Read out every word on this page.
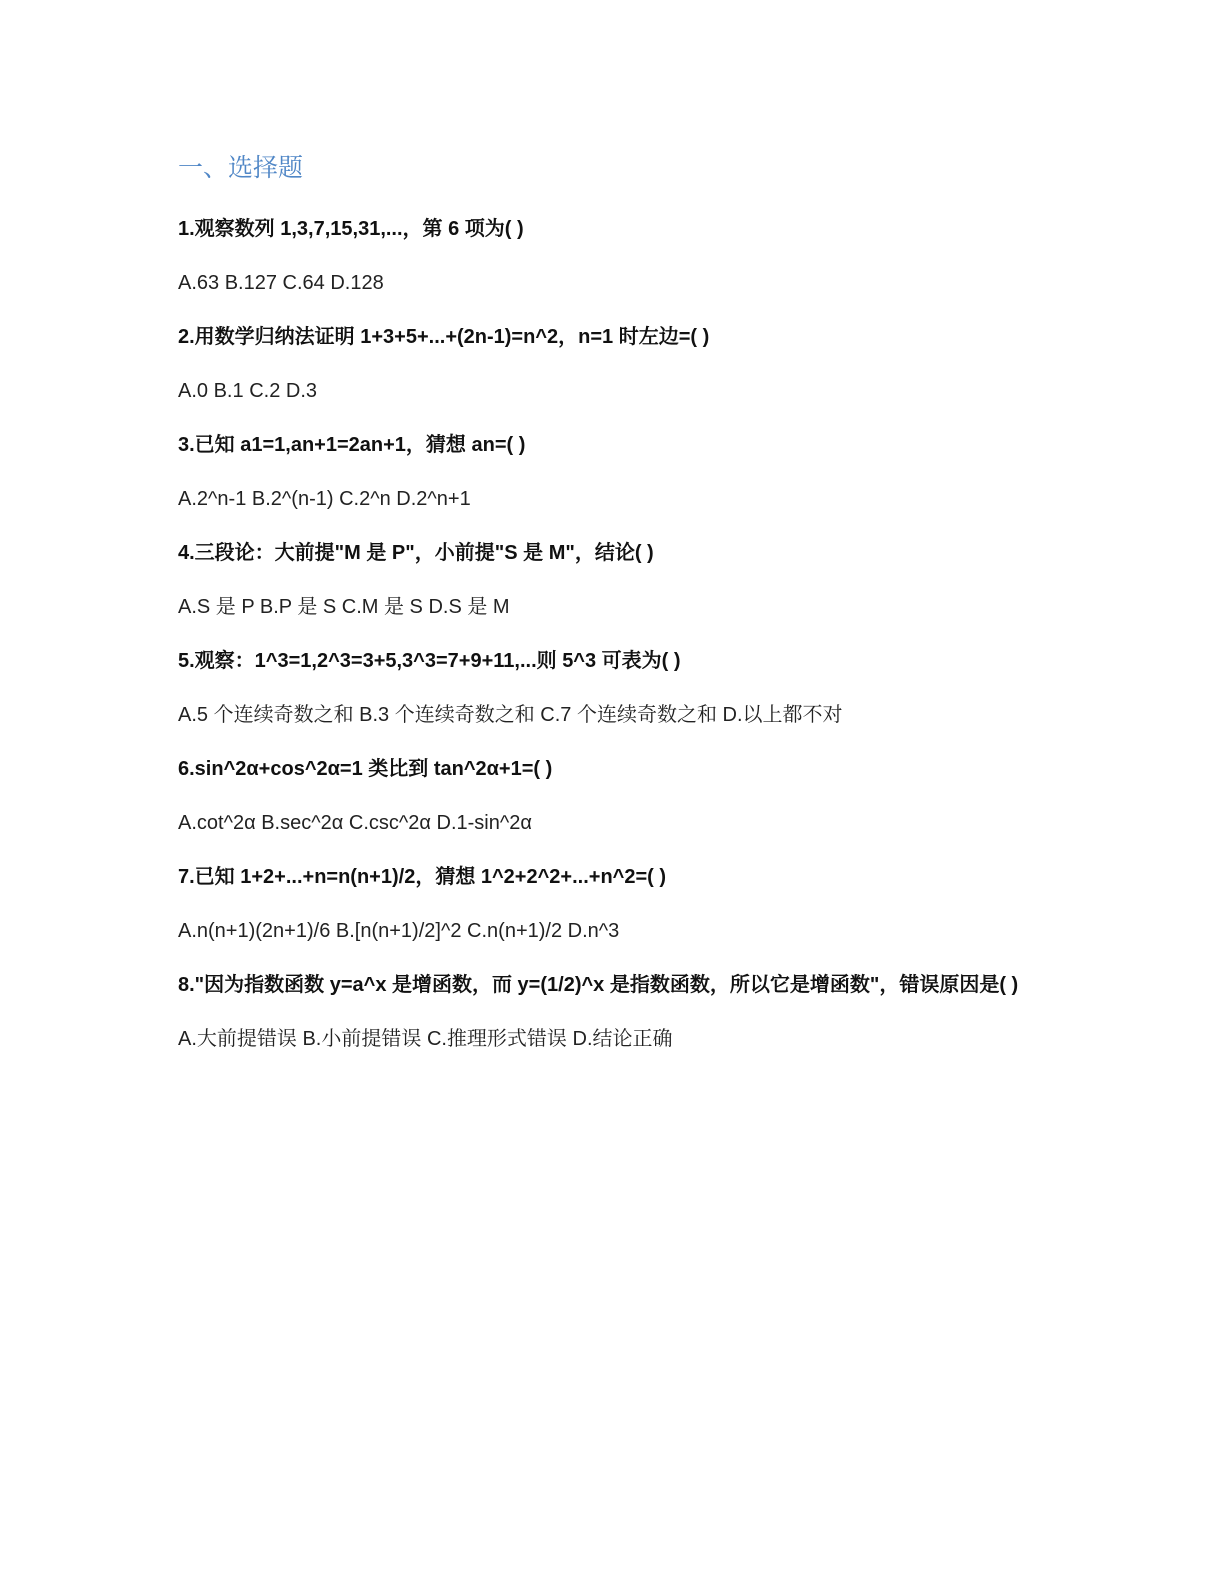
一、选择题

1.观察数列 1,3,7,15,31,...，第 6 项为( )

A.63 B.127 C.64 D.128

2.用数学归纳法证明 1+3+5+...+(2n-1)=n^2，n=1 时左边=( )

A.0 B.1 C.2 D.3

3.已知 a1=1,an+1=2an+1，猜想 an=( )

A.2^n-1 B.2^(n-1) C.2^n D.2^n+1

4.三段论：大前提"M 是 P"，小前提"S 是 M"，结论( )

A.S 是 P B.P 是 S C.M 是 S D.S 是 M

5.观察：1^3=1,2^3=3+5,3^3=7+9+11,...则 5^3 可表为( )

A.5 个连续奇数之和 B.3 个连续奇数之和 C.7 个连续奇数之和 D.以上都不对

6.sin^2α+cos^2α=1 类比到 tan^2α+1=( )

A.cot^2α B.sec^2α C.csc^2α D.1-sin^2α

7.已知 1+2+...+n=n(n+1)/2，猜想 1^2+2^2+...+n^2=( )

A.n(n+1)(2n+1)/6 B.[n(n+1)/2]^2 C.n(n+1)/2 D.n^3

8."因为指数函数 y=a^x 是增函数，而 y=(1/2)^x 是指数函数，所以它是增函数"，错误原因是( )

A.大前提错误 B.小前提错误 C.推理形式错误 D.结论正确
